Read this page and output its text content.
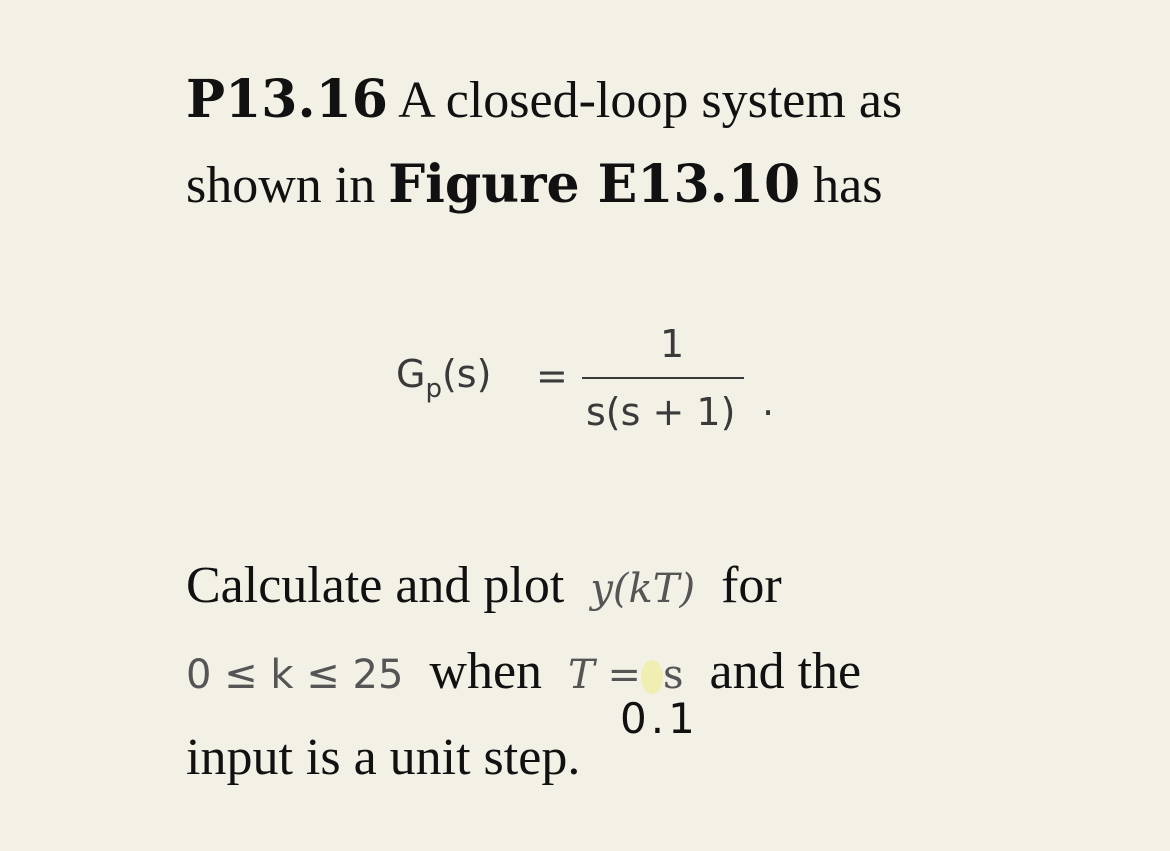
P13.16 A closed-loop system as
shown in Figure E13.10 has
$G_p(s)$ =
1
s(s + 1) .
Calculate and plot y(kT) for
0 ≤ k ≤ 25 when T = s and the
input is a unit step.
0.1
